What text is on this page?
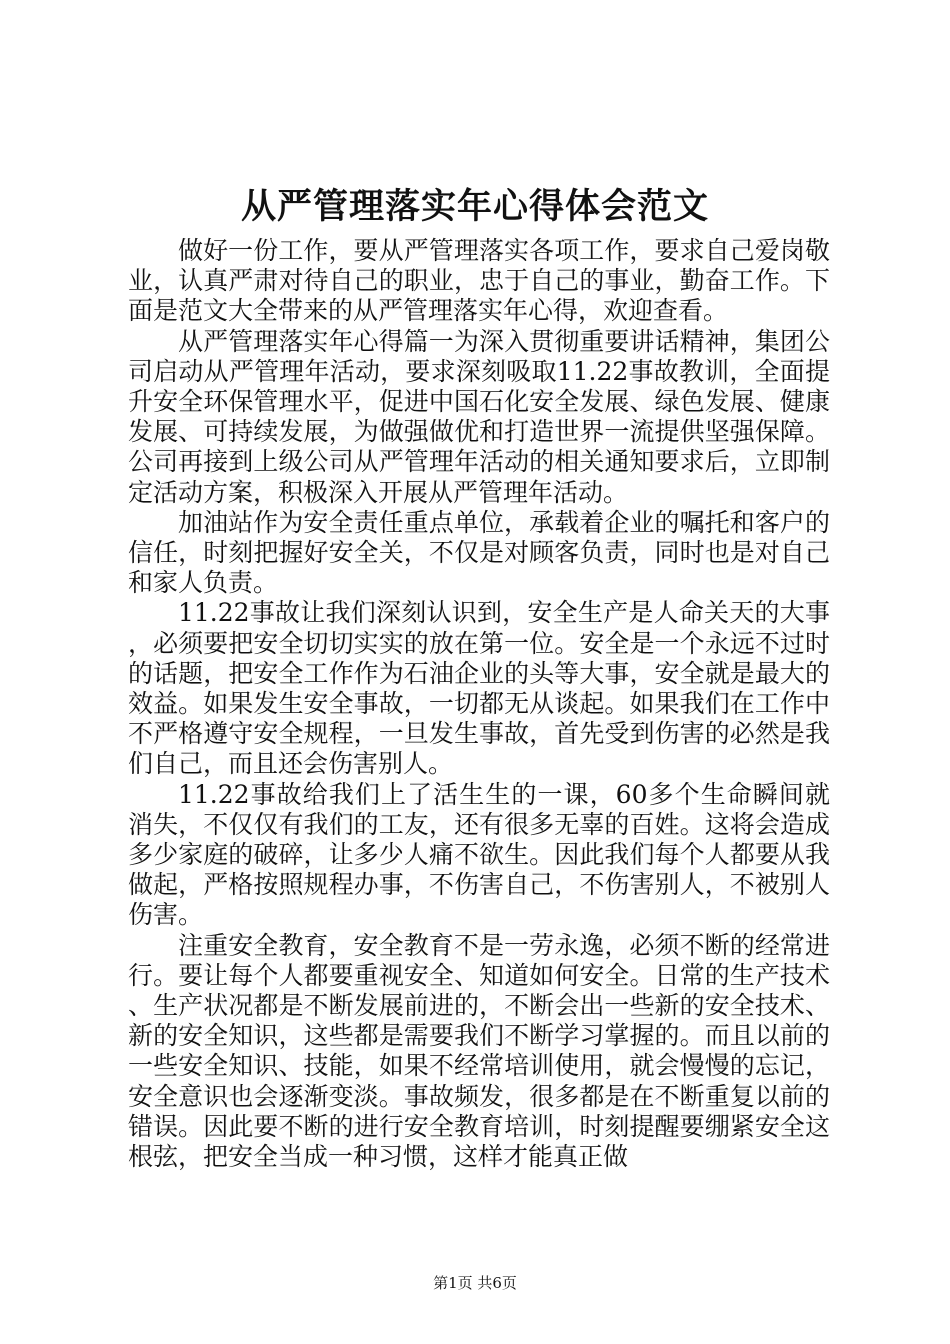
从严管理落实年心得体会范文

做好一份工作，要从严管理落实各项工作，要求自己爱岗敬业，认真严肃对待自己的职业，忠于自己的事业，勤奋工作。下面是范文大全带来的从严管理落实年心得，欢迎查看。

从严管理落实年心得篇一为深入贯彻重要讲话精神，集团公司启动从严管理年活动，要求深刻吸取11.22事故教训，全面提升安全环保管理水平，促进中国石化安全发展、绿色发展、健康发展、可持续发展，为做强做优和打造世界一流提供坚强保障。公司再接到上级公司从严管理年活动的相关通知要求后，立即制定活动方案，积极深入开展从严管理年活动。

加油站作为安全责任重点单位，承载着企业的嘱托和客户的信任，时刻把握好安全关，不仅是对顾客负责，同时也是对自己和家人负责。

11.22事故让我们深刻认识到，安全生产是人命关天的大事，必须要把安全切切实实的放在第一位。安全是一个永远不过时的话题，把安全工作作为石油企业的头等大事，安全就是最大的效益。如果发生安全事故，一切都无从谈起。如果我们在工作中不严格遵守安全规程，一旦发生事故，首先受到伤害的必然是我们自己，而且还会伤害别人。

11.22事故给我们上了活生生的一课，60多个生命瞬间就消失，不仅仅有我们的工友，还有很多无辜的百姓。这将会造成多少家庭的破碎，让多少人痛不欲生。因此我们每个人都要从我做起，严格按照规程办事，不伤害自己，不伤害别人，不被别人伤害。

注重安全教育，安全教育不是一劳永逸，必须不断的经常进行。要让每个人都要重视安全、知道如何安全。日常的生产技术、生产状况都是不断发展前进的，不断会出一些新的安全技术、新的安全知识，这些都是需要我们不断学习掌握的。而且以前的一些安全知识、技能，如果不经常培训使用，就会慢慢的忘记，安全意识也会逐渐变淡。事故频发，很多都是在不断重复以前的错误。因此要不断的进行安全教育培训，时刻提醒要绷紧安全这根弦，把安全当成一种习惯，这样才能真正做

第1页 共6页
